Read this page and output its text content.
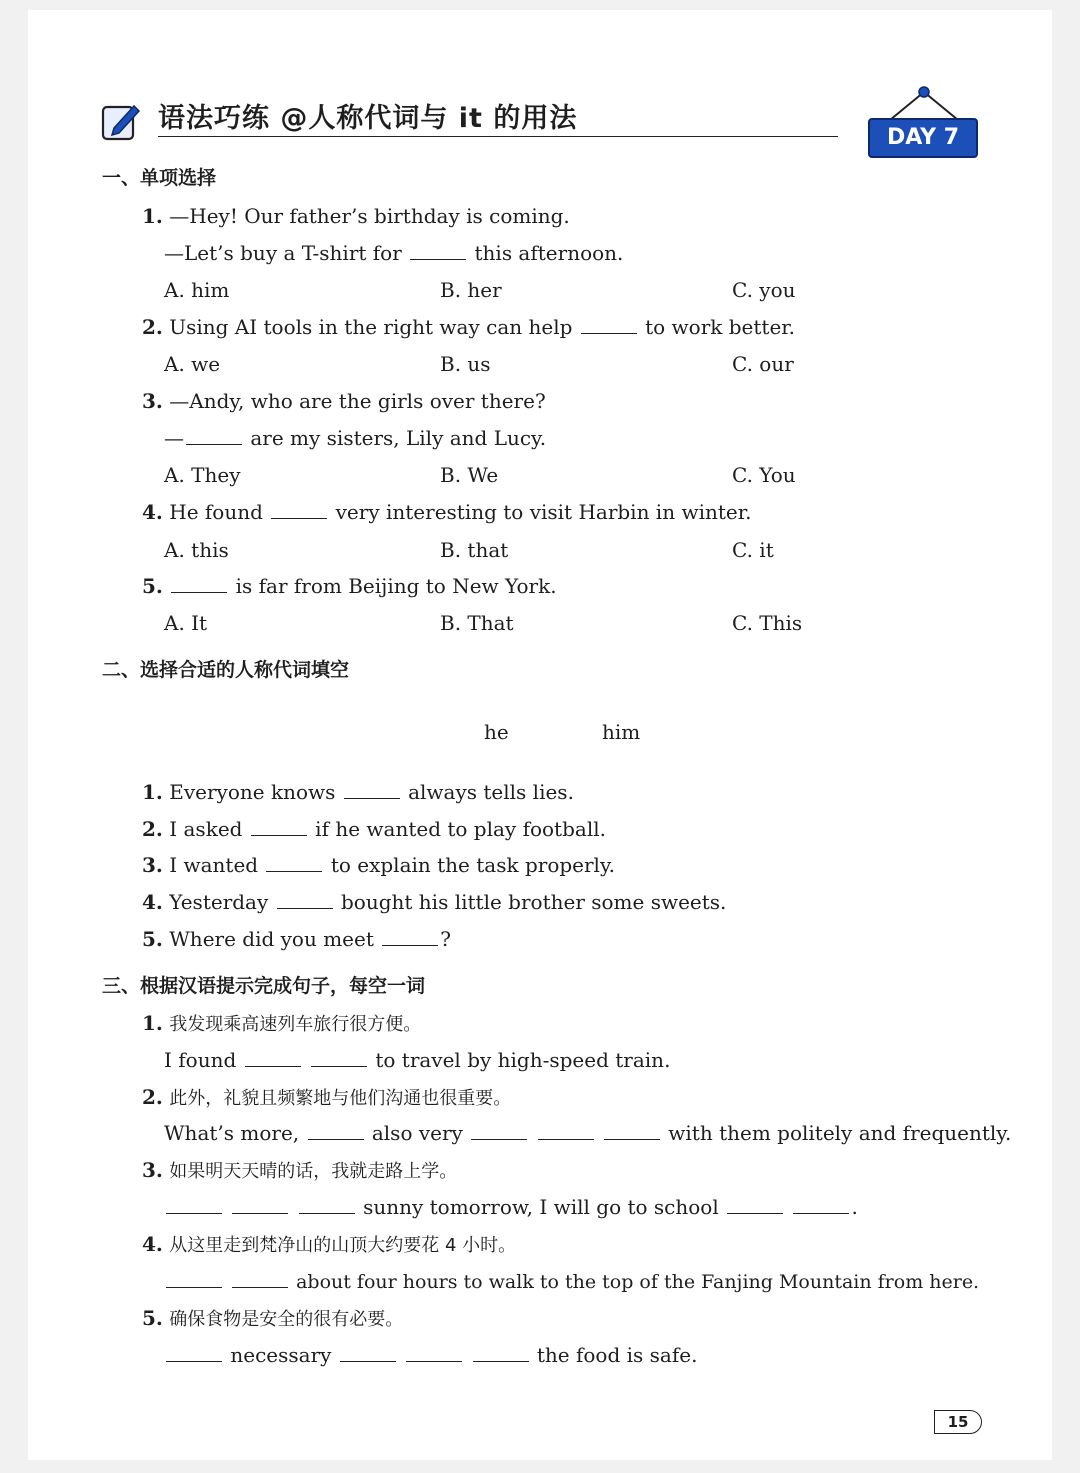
语法巧练 @人称代词与 it 的用法
DAY 7
一、单项选择
1. —Hey! Our father’s birthday is coming.
—Let’s buy a T-shirt for	this afternoon.
A. him	B. her	C. you
2. Using AI tools in the right way can help	to work better.
A. we	B. us	C. our
3. —Andy, who are the girls over there?
—	are my sisters, Lily and Lucy.
A. They	B. We	C. You
4. He found	very interesting to visit Harbin in winter.
A. this	B. that	C. it
5.	is far from Beijing to New York.
A. It	B. That	C. This
二、选择合适的人称代词填空
he	him
1. Everyone knows	always tells lies.
2. I asked	if he wanted to play football.
3. I wanted	to explain the task properly.
4. Yesterday	bought his little brother some sweets.
5. Where did you meet	?
三、根据汉语提示完成句子，每空一词
1. 我发现乘高速列车旅行很方便。
I found	to travel by high-speed train.
2. 此外，礼貌且频繁地与他们沟通也很重要。
What’s more,	also very	with them politely and frequently.
3. 如果明天天晴的话，我就走路上学。
sunny tomorrow, I will go to school	.
4. 从这里走到梵净山的山顶大约要花 4 小时。
about four hours to walk to the top of the Fanjing Mountain from here.
5. 确保食物是安全的很有必要。
necessary	the food is safe.
15
